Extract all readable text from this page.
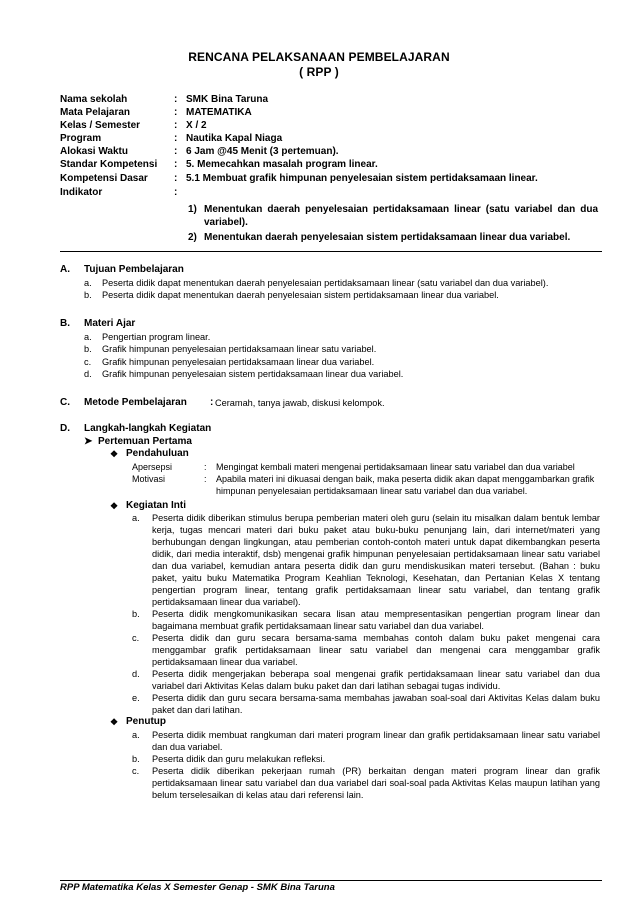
RENCANA PELAKSANAAN PEMBELAJARAN
( RPP )
Nama sekolah	: SMK Bina Taruna
Mata Pelajaran	: MATEMATIKA
Kelas / Semester	: X / 2
Program	: Nautika Kapal Niaga
Alokasi Waktu	: 6 Jam @45 Menit (3 pertemuan).
Standar Kompetensi	: 5. Memecahkan masalah program linear.
Kompetensi Dasar	: 5.1 Membuat grafik himpunan penyelesaian sistem pertidaksamaan linear.
Indikator	:
1) Menentukan daerah penyelesaian pertidaksamaan linear (satu variabel dan dua variabel).
2) Menentukan daerah penyelesaian sistem pertidaksamaan linear dua variabel.
A. Tujuan Pembelajaran
a. Peserta didik dapat menentukan daerah penyelesaian pertidaksamaan linear (satu variabel dan dua variabel).
b. Peserta didik dapat menentukan daerah penyelesaian sistem pertidaksamaan linear dua variabel.
B. Materi Ajar
a. Pengertian program linear.
b. Grafik himpunan penyelesaian pertidaksamaan linear satu variabel.
c. Grafik himpunan penyelesaian pertidaksamaan linear dua variabel.
d. Grafik himpunan penyelesaian sistem pertidaksamaan linear dua variabel.
C. Metode Pembelajaran : Ceramah, tanya jawab, diskusi kelompok.
D. Langkah-langkah Kegiatan
➤ Pertemuan Pertama
❖ Pendahuluan
Apersepsi	: Mengingat kembali materi mengenai pertidaksamaan linear satu variabel dan dua variabel
Motivasi	: Apabila materi ini dikuasai dengan baik, maka peserta didik akan dapat menggambarkan grafik himpunan penyelesaian pertidaksamaan linear satu variabel dan dua variabel.
❖ Kegiatan Inti
a. Peserta didik diberikan stimulus berupa pemberian materi oleh guru (selain itu misalkan dalam bentuk lembar kerja, tugas mencari materi dari buku paket atau buku-buku penunjang lain, dari internet/materi yang berhubungan dengan lingkungan, atau pemberian contoh-contoh materi untuk dapat dikembangkan peserta didik, dari media interaktif, dsb) mengenai grafik himpunan penyelesaian pertidaksamaan linear satu variabel dan dua variabel, kemudian antara peserta didik dan guru mendiskusikan materi tersebut. (Bahan : buku paket, yaitu buku Matematika Program Keahlian Teknologi, Kesehatan, dan Pertanian Kelas X tentang pengertian program linear, tentang grafik pertidaksamaan linear satu variabel, dan tentang grafik pertidaksamaan linear dua variabel).
b. Peserta didik mengkomunikasikan secara lisan atau mempresentasikan pengertian program linear dan bagaimana membuat grafik pertidaksamaan linear satu variabel dan dua variabel.
c. Peserta didik dan guru secara bersama-sama membahas contoh dalam buku paket mengenai cara menggambar grafik pertidaksamaan linear satu variabel dan mengenai cara menggambar grafik pertidaksamaan linear dua variabel.
d. Peserta didik mengerjakan beberapa soal mengenai grafik pertidaksamaan linear satu variabel dan dua variabel dari Aktivitas Kelas dalam buku paket dan dari latihan sebagai tugas individu.
e. Peserta didik dan guru secara bersama-sama membahas jawaban soal-soal dari Aktivitas Kelas dalam buku paket dan dari latihan.
❖ Penutup
a. Peserta didik membuat rangkuman dari materi program linear dan grafik pertidaksamaan linear satu variabel dan dua variabel.
b. Peserta didik dan guru melakukan refleksi.
c. Peserta didik diberikan pekerjaan rumah (PR) berkaitan dengan materi program linear dan grafik pertidaksamaan linear satu variabel dan dua variabel dari soal-soal pada Aktivitas Kelas maupun latihan yang belum terselesaikan di kelas atau dari referensi lain.
RPP Matematika Kelas X Semester Genap - SMK Bina Taruna
